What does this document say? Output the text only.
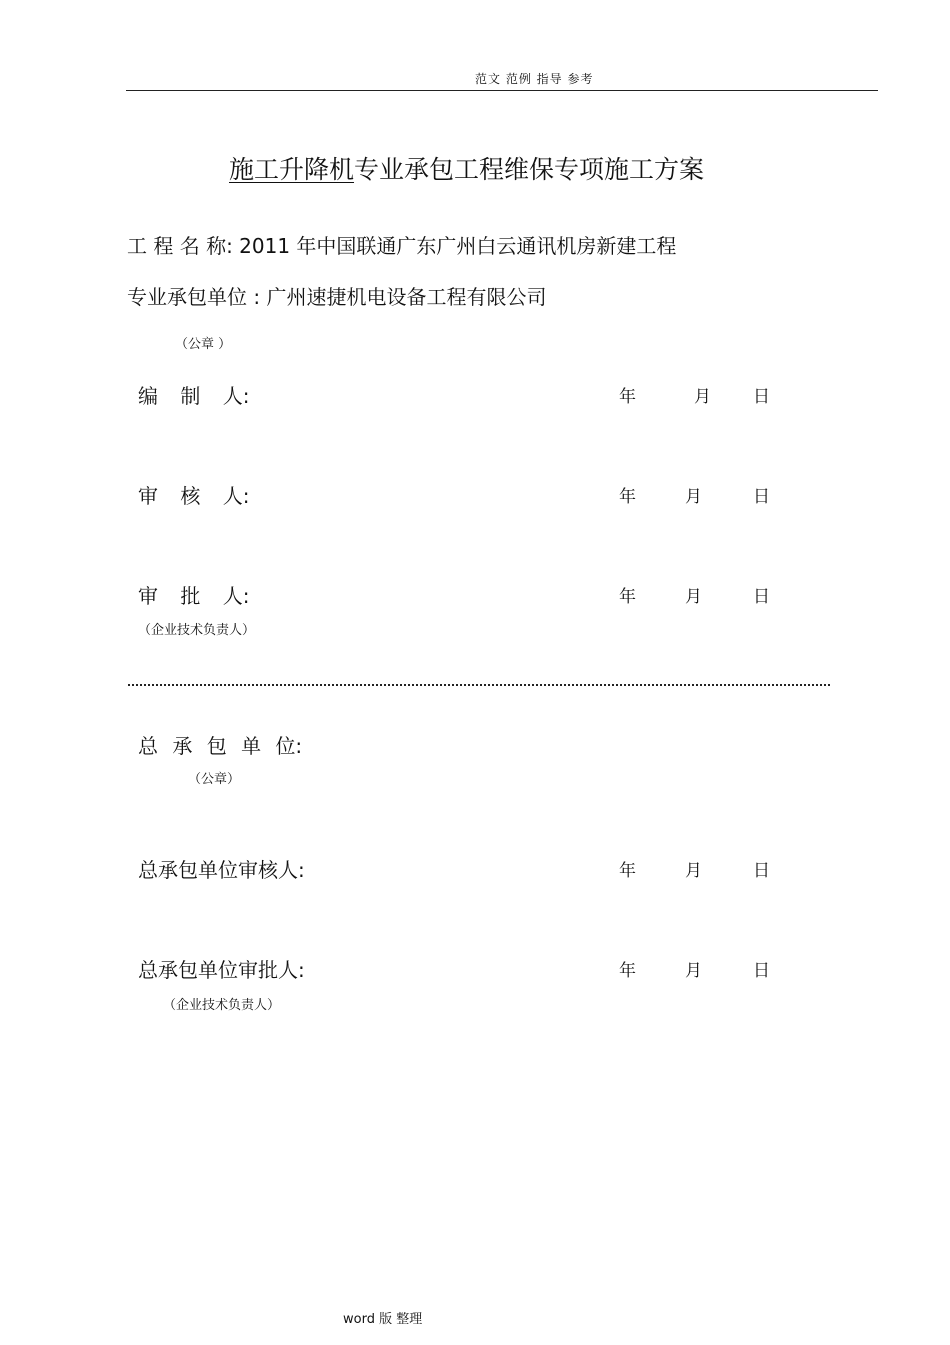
范文 范例 指导 参考
施工升降机专业承包工程维保专项施工方案
工 程 名 称: 2011 年中国联通广东广州白云通讯机房新建工程
专业承包单位 : 广州速捷机电设备工程有限公司
（公章 ）
编 制 人:	年	月 日
审 核 人:	年	月	日
审 批 人:	年	月	日
（企业技术负责人）
总 承 包 单 位:
（公章）
总承包单位审核人:	年	月	日
总承包单位审批人:	年	月	日
（企业技术负责人）
word 版 整理
